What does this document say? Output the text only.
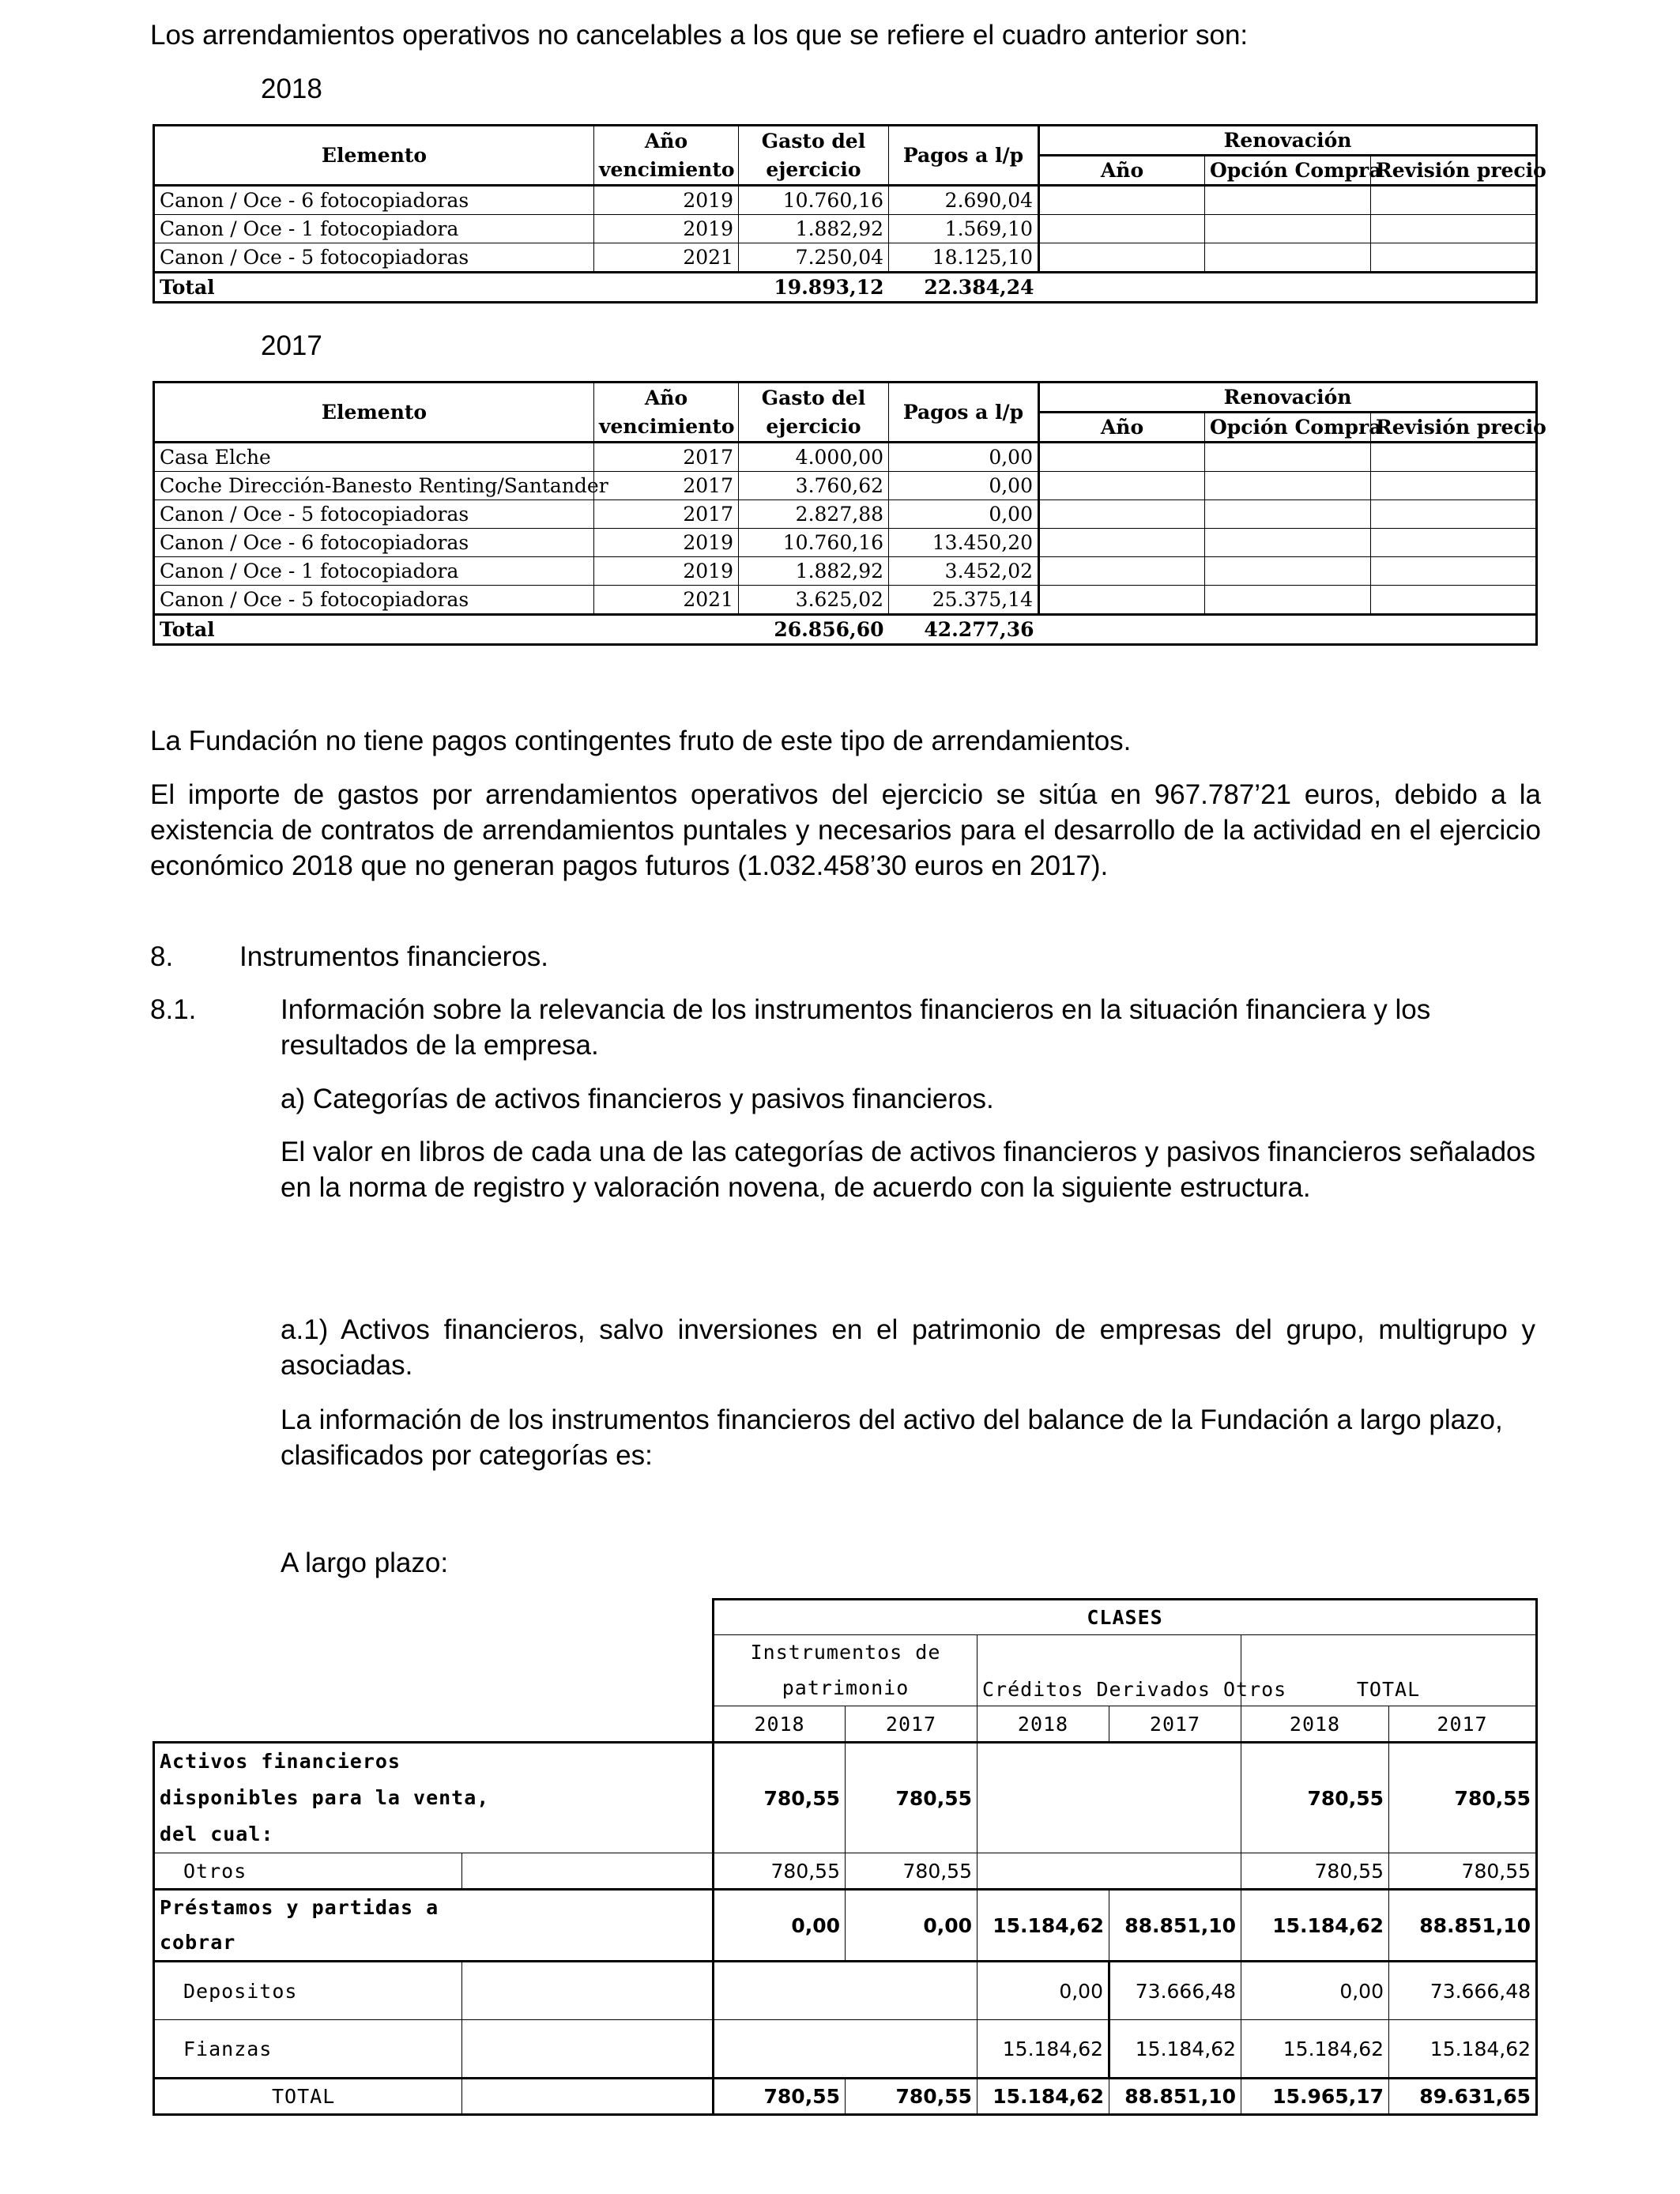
Los arrendamientos operativos no cancelables a los que se refiere el cuadro anterior son:
2018
Elemento	Año	Gasto del	Pagos a l/p	Renovación		
	vencimiento	ejercicio		Año	Opción Compra	Revisión precio
Canon / Oce - 6 fotocopiadoras	2019	10.760,16	2.690,04			
Canon / Oce - 1 fotocopiadora	2019	1.882,92	1.569,10			
Canon / Oce - 5 fotocopiadoras	2021	7.250,04	18.125,10			
Total		19.893,12	22.384,24			
2017
Elemento	Año	Gasto del	Pagos a l/p	Renovación		
	vencimiento	ejercicio		Año	Opción Compra	Revisión precio
Casa Elche	2017	4.000,00	0,00			
Coche Dirección-Banesto Renting/Santander	2017	3.760,62	0,00			
Canon / Oce - 5 fotocopiadoras	2017	2.827,88	0,00			
Canon / Oce - 6 fotocopiadoras	2019	10.760,16	13.450,20			
Canon / Oce - 1 fotocopiadora	2019	1.882,92	3.452,02			
Canon / Oce - 5 fotocopiadoras	2021	3.625,02	25.375,14			
Total		26.856,60	42.277,36			
La Fundación no tiene pagos contingentes fruto de este tipo de arrendamientos.
El importe de gastos por arrendamientos operativos del ejercicio se sitúa en 967.787’21 euros, debido a la existencia de contratos de arrendamientos puntales y necesarios para el desarrollo de la actividad en el ejercicio económico 2018 que no generan pagos futuros (1.032.458’30 euros en 2017).
8. Instrumentos financieros.
8.1.	Información sobre la relevancia de los instrumentos financieros en la situación financiera y los resultados de la empresa.
a) Categorías de activos financieros y pasivos financieros.
El valor en libros de cada una de las categorías de activos financieros y pasivos financieros señalados en la norma de registro y valoración novena, de acuerdo con la siguiente estructura.
a.1) Activos financieros, salvo inversiones en el patrimonio de empresas del grupo, multigrupo y asociadas.
La información de los instrumentos financieros del activo del balance de la Fundación a largo plazo, clasificados por categorías es:
A largo plazo:
		CLASES					
		Instrumentos de		Créditos Derivados Otros		TOTAL	
		patrimonio					
		2018	2017	2018	2017	2018	2017

Activos financieros
disponibles para la venta,
del cual:		780,55	780,55			780,55	780,55
Otros		780,55	780,55			780,55	780,55

Préstamos y partidas a
cobrar		0,00	0,00	15.184,62	88.851,10	15.184,62	88.851,10
Depositos				0,00	73.666,48	0,00	73.666,48
Fianzas				15.184,62	15.184,62	15.184,62	15.184,62
TOTAL		780,55	780,55	15.184,62	88.851,10	15.965,17	89.631,65
